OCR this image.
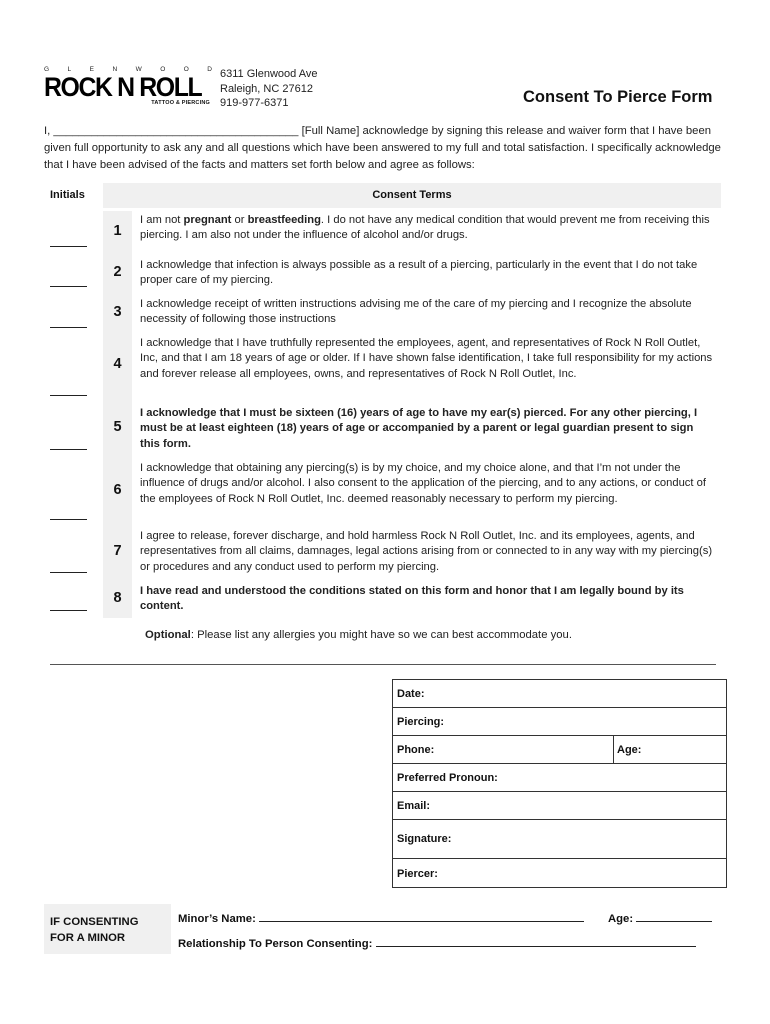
G	L	E	N	W	O	O	D
ROCK N ROLL
TATTOO & PIERCING
6311 Glenwood Ave
Raleigh, NC 27612
919-977-6371	Consent To Pierce Form
I, _______________________________________ [Full Name] acknowledge by signing this release and waiver form that I have been given full opportunity to ask any and all questions which have been answered to my full and total satisfaction. I specifically acknowledge that I have been advised of the facts and matters set forth below and agree as follows:
Initials	Consent Terms
1
I am not pregnant or breastfeeding. I do not have any medical condition that would prevent me from receiving this piercing. I am also not under the influence of alcohol and/or drugs.
2	I acknowledge that infection is always possible as a result of a piercing, particularly in the event that I do not take proper care of my piercing.
3	I acknowledge receipt of written instructions advising me of the care of my piercing and I recognize the absolute necessity of following those instructions
4
I acknowledge that I have truthfully represented the employees, agent, and representatives of Rock N Roll Outlet, Inc, and that I am 18 years of age or older. If I have shown false identification, I take full responsibility for my actions and forever release all employees, owns, and representatives of Rock N Roll Outlet, Inc.
5
I acknowledge that I must be sixteen (16) years of age to have my ear(s) pierced. For any other piercing, I must be at least eighteen (18) years of age or accompanied by a parent or legal guardian present to sign this form.
6
I acknowledge that obtaining any piercing(s) is by my choice, and my choice alone, and that I’m not under the influence of drugs and/or alcohol. I also consent to the application of the piercing, and to any actions, or conduct of the employees of Rock N Roll Outlet, Inc. deemed reasonably necessary to perform my piercing.
7
I agree to release, forever discharge, and hold harmless Rock N Roll Outlet, Inc. and its employees, agents, and representatives from all claims, damnages, legal actions arising from or connected to in any way with my piercing(s) or procedures and any conduct used to perform my piercing.
8	I have read and understood the conditions stated on this form and honor that I am legally bound by its content.
Optional: Please list any allergies you might have so we can best accommodate you.
Date:
Piercing:
Phone:	Age:
Preferred Pronoun:
Email:
Signature:
Piercer:
IF CONSENTING
FOR A MINOR
Minor’s Name:	Age:
Relationship To Person Consenting:
